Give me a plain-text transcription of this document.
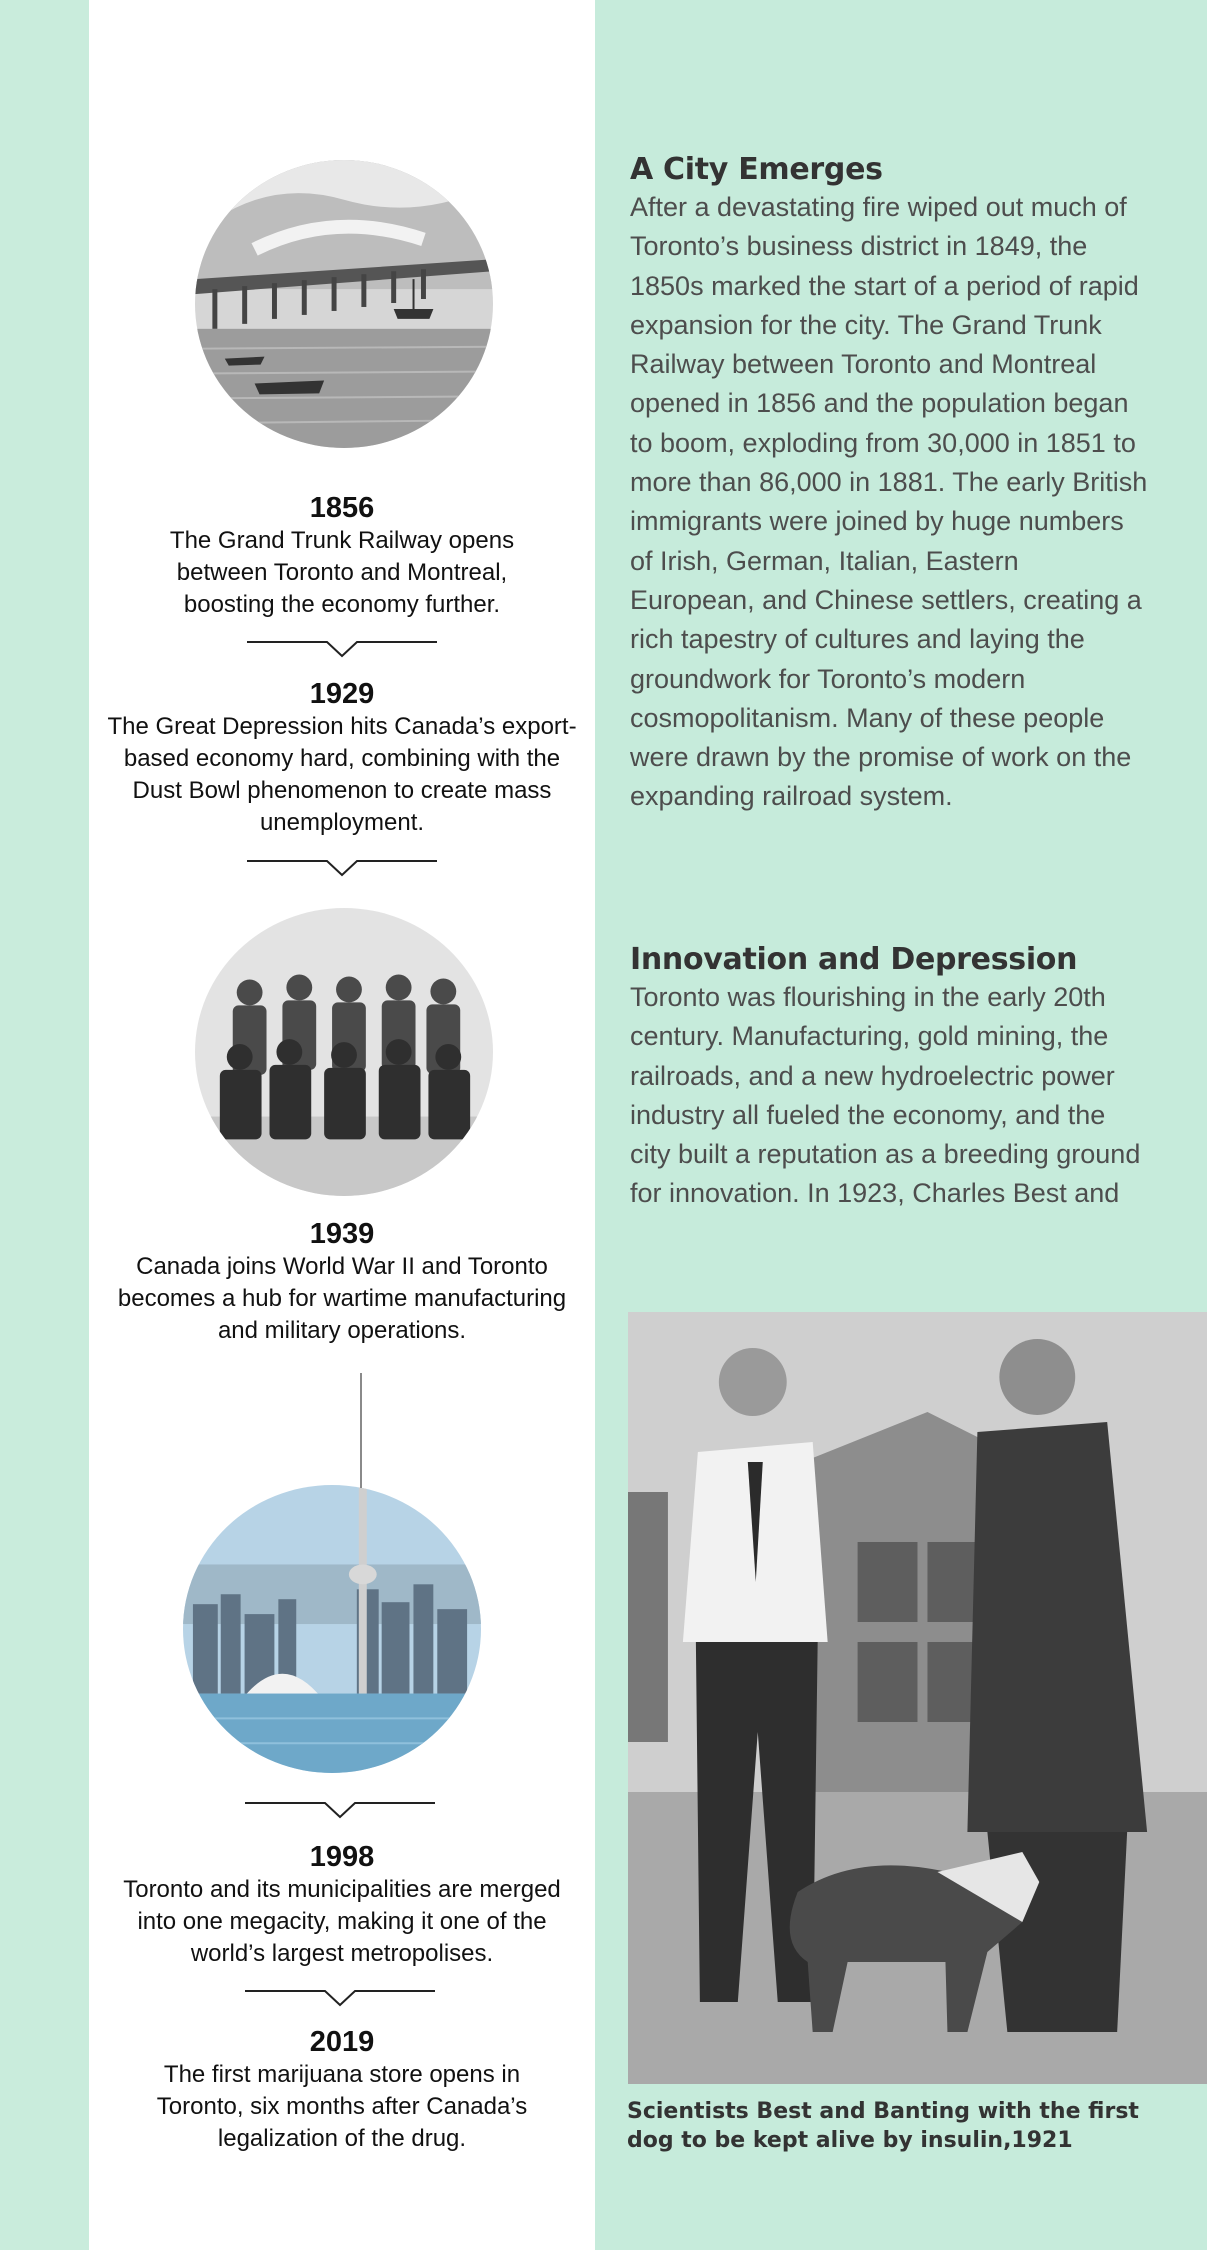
1856
The Grand Trunk Railway opens between Toronto and Montreal, boosting the economy further.
1929
The Great Depression hits Canada’s export-based economy hard, combining with the Dust Bowl phenomenon to create mass unemployment.
1939
Canada joins World War II and Toronto becomes a hub for wartime manufacturing and military operations.
1998
Toronto and its municipalities are merged into one megacity, making it one of the world’s largest metropolises.
2019
The first marijuana store opens in Toronto, six months after Canada’s legalization of the drug.
A City Emerges

After a devastating fire wiped out much of Toronto’s business district in 1849, the 1850s marked the start of a period of rapid expansion for the city. The Grand Trunk Railway between Toronto and Montreal opened in 1856 and the population began to boom, exploding from 30,000 in 1851 to more than 86,000 in 1881. The early British immigrants were joined by huge numbers of Irish, German, Italian, Eastern European, and Chinese settlers, creating a rich tapestry of cultures and laying the groundwork for Toronto’s modern cosmopolitanism. Many of these people were drawn by the promise of work on the expanding railroad system.

Innovation and Depression

Toronto was flourishing in the early 20th century. Manufacturing, gold mining, the railroads, and a new hydroelectric power industry all fueled the economy, and the city built a reputation as a breeding ground for innovation. In 1923, Charles Best and

Scientists Best and Banting with the first dog to be kept alive by insulin,1921
